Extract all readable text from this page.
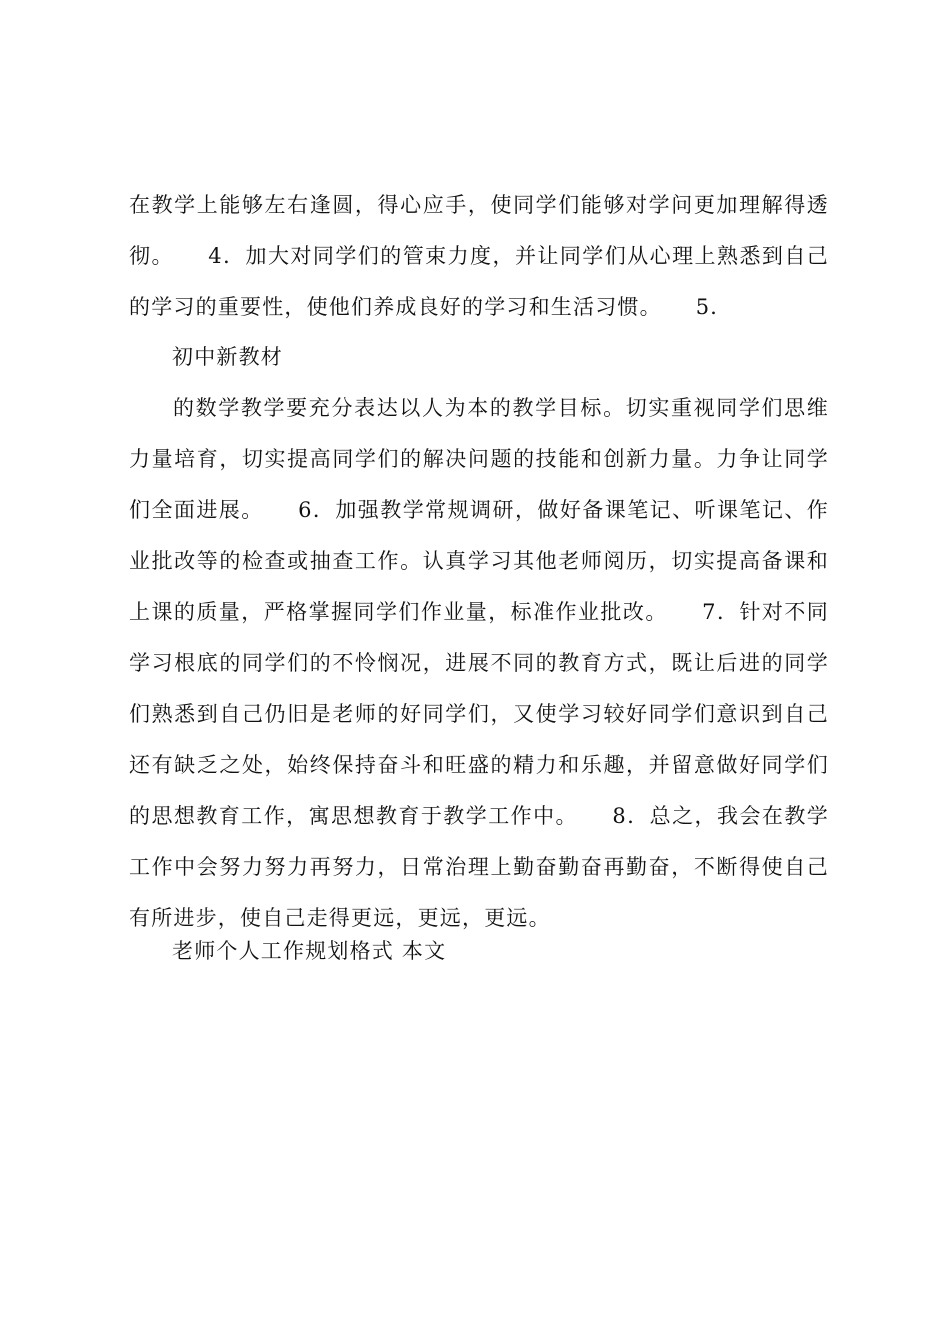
在教学上能够左右逢圆，得心应手，使同学们能够对学问更加理解得透彻。　　4．加大对同学们的管束力度，并让同学们从心理上熟悉到自己的学习的重要性，使他们养成良好的学习和生活习惯。　　5．

初中新教材

的数学教学要充分表达以人为本的教学目标。切实重视同学们思维力量培育，切实提高同学们的解决问题的技能和创新力量。力争让同学们全面进展。　　6．加强教学常规调研，做好备课笔记、听课笔记、作业批改等的检查或抽查工作。认真学习其他老师阅历，切实提高备课和上课的质量，严格掌握同学们作业量，标准作业批改。　　7．针对不同学习根底的同学们的不怜悯况，进展不同的教育方式，既让后进的同学们熟悉到自己仍旧是老师的好同学们，又使学习较好同学们意识到自己还有缺乏之处，始终保持奋斗和旺盛的精力和乐趣，并留意做好同学们的思想教育工作，寓思想教育于教学工作中。　　8．总之，我会在教学工作中会努力努力再努力，日常治理上勤奋勤奋再勤奋，不断得使自己有所进步，使自己走得更远，更远，更远。

老师个人工作规划格式 本文
